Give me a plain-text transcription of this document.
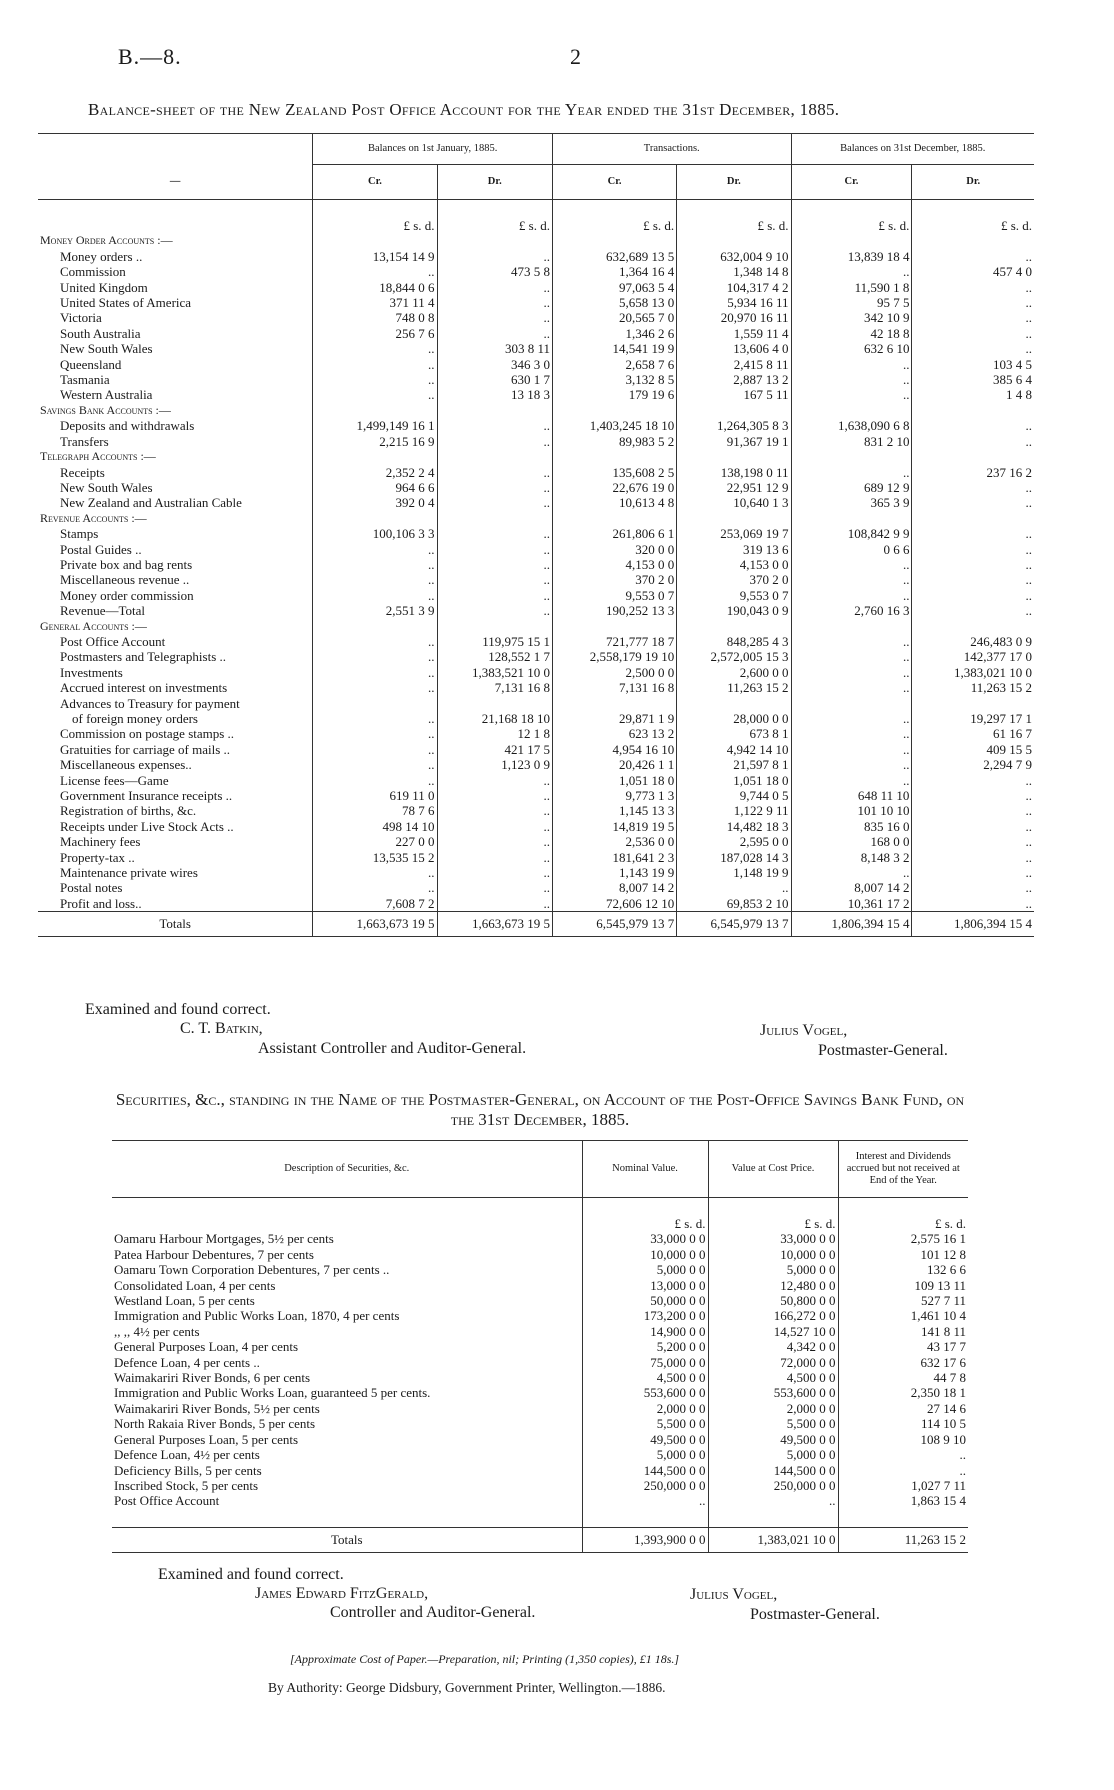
B.—8.	2
Balance-sheet of the New Zealand Post Office Account for the Year ended the 31st December, 1885.
	Balances on 1st January, 1885.		Transactions.		Balances on 31st December, 1885.	
—	Cr.	Dr.	Cr.	Dr.	Cr.	Dr.

	£ s. d.	£ s. d.	£ s. d.	£ s. d.	£ s. d.	£ s. d.
Money Order Accounts :—						
Money orders ..	13,154 14 9	..	632,689 13 5	632,004 9 10	13,839 18 4	..
Commission	..	473 5 8	1,364 16 4	1,348 14 8	..	457 4 0
United Kingdom	18,844 0 6	..	97,063 5 4	104,317 4 2	11,590 1 8	..
United States of America	371 11 4	..	5,658 13 0	5,934 16 11	95 7 5	..
Victoria	748 0 8	..	20,565 7 0	20,970 16 11	342 10 9	..
South Australia	256 7 6	..	1,346 2 6	1,559 11 4	42 18 8	..
New South Wales	..	303 8 11	14,541 19 9	13,606 4 0	632 6 10	..
Queensland	..	346 3 0	2,658 7 6	2,415 8 11	..	103 4 5
Tasmania	..	630 1 7	3,132 8 5	2,887 13 2	..	385 6 4
Western Australia	..	13 18 3	179 19 6	167 5 11	..	1 4 8
Savings Bank Accounts :—						
Deposits and withdrawals	1,499,149 16 1	..	1,403,245 18 10	1,264,305 8 3	1,638,090 6 8	..
Transfers	2,215 16 9	..	89,983 5 2	91,367 19 1	831 2 10	..
Telegraph Accounts :—						
Receipts	2,352 2 4	..	135,608 2 5	138,198 0 11	..	237 16 2
New South Wales	964 6 6	..	22,676 19 0	22,951 12 9	689 12 9	..
New Zealand and Australian Cable	392 0 4	..	10,613 4 8	10,640 1 3	365 3 9	..
Revenue Accounts :—						
Stamps	100,106 3 3	..	261,806 6 1	253,069 19 7	108,842 9 9	..
Postal Guides ..	..	..	320 0 0	319 13 6	0 6 6	..
Private box and bag rents	..	..	4,153 0 0	4,153 0 0	..	..
Miscellaneous revenue ..	..	..	370 2 0	370 2 0	..	..
Money order commission	..	..	9,553 0 7	9,553 0 7	..	..
Revenue—Total	2,551 3 9	..	190,252 13 3	190,043 0 9	2,760 16 3	..
General Accounts :—						
Post Office Account	..	119,975 15 1	721,777 18 7	848,285 4 3	..	246,483 0 9
Postmasters and Telegraphists ..	..	128,552 1 7	2,558,179 19 10	2,572,005 15 3	..	142,377 17 0
Investments	..	1,383,521 10 0	2,500 0 0	2,600 0 0	..	1,383,021 10 0
Accrued interest on investments	..	7,131 16 8	7,131 16 8	11,263 15 2	..	11,263 15 2
Advances to Treasury for payment						
of foreign money orders	..	21,168 18 10	29,871 1 9	28,000 0 0	..	19,297 17 1
Commission on postage stamps ..	..	12 1 8	623 13 2	673 8 1	..	61 16 7
Gratuities for carriage of mails ..	..	421 17 5	4,954 16 10	4,942 14 10	..	409 15 5
Miscellaneous expenses..	..	1,123 0 9	20,426 1 1	21,597 8 1	..	2,294 7 9
License fees—Game	..	..	1,051 18 0	1,051 18 0	..	..
Government Insurance receipts ..	619 11 0	..	9,773 1 3	9,744 0 5	648 11 10	..
Registration of births, &c.	78 7 6	..	1,145 13 3	1,122 9 11	101 10 10	..
Receipts under Live Stock Acts ..	498 14 10	..	14,819 19 5	14,482 18 3	835 16 0	..
Machinery fees	227 0 0	..	2,536 0 0	2,595 0 0	168 0 0	..
Property-tax ..	13,535 15 2	..	181,641 2 3	187,028 14 3	8,148 3 2	..
Maintenance private wires	..	..	1,143 19 9	1,148 19 9	..	..
Postal notes	..	..	8,007 14 2	..	8,007 14 2	..
Profit and loss..	7,608 7 2	..	72,606 12 10	69,853 2 10	10,361 17 2	..
Totals	1,663,673 19 5	1,663,673 19 5	6,545,979 13 7	6,545,979 13 7	1,806,394 15 4	1,806,394 15 4
Examined and found correct.
C. T. Batkin,
Assistant Controller and Auditor-General.
Julius Vogel,
Postmaster-General.
Securities, &c., standing in the Name of the Postmaster-General, on Account of the Post-Office Savings Bank Fund, on the 31st December, 1885.
Description of Securities, &c.	Nominal Value.	Value at Cost Price.	Interest and Dividends accrued but not received at End of the Year.

	£ s. d.	£ s. d.	£ s. d.
Oamaru Harbour Mortgages, 5½ per cents	33,000 0 0	33,000 0 0	2,575 16 1
Patea Harbour Debentures, 7 per cents	10,000 0 0	10,000 0 0	101 12 8
Oamaru Town Corporation Debentures, 7 per cents ..	5,000 0 0	5,000 0 0	132 6 6
Consolidated Loan, 4 per cents	13,000 0 0	12,480 0 0	109 13 11
Westland Loan, 5 per cents	50,000 0 0	50,800 0 0	527 7 11
Immigration and Public Works Loan, 1870, 4 per cents	173,200 0 0	166,272 0 0	1,461 10 4
,, ,, 4½ per cents	14,900 0 0	14,527 10 0	141 8 11
General Purposes Loan, 4 per cents	5,200 0 0	4,342 0 0	43 17 7
Defence Loan, 4 per cents ..	75,000 0 0	72,000 0 0	632 17 6
Waimakariri River Bonds, 6 per cents	4,500 0 0	4,500 0 0	44 7 8
Immigration and Public Works Loan, guaranteed 5 per cents.	553,600 0 0	553,600 0 0	2,350 18 1
Waimakariri River Bonds, 5½ per cents	2,000 0 0	2,000 0 0	27 14 6
North Rakaia River Bonds, 5 per cents	5,500 0 0	5,500 0 0	114 10 5
General Purposes Loan, 5 per cents	49,500 0 0	49,500 0 0	108 9 10
Defence Loan, 4½ per cents	5,000 0 0	5,000 0 0	..
Deficiency Bills, 5 per cents	144,500 0 0	144,500 0 0	..
Inscribed Stock, 5 per cents	250,000 0 0	250,000 0 0	1,027 7 11
Post Office Account	..	..	1,863 15 4

Totals	1,393,900 0 0	1,383,021 10 0	11,263 15 2
Examined and found correct.
James Edward FitzGerald,
Controller and Auditor-General.
Julius Vogel,
Postmaster-General.
[Approximate Cost of Paper.—Preparation, nil; Printing (1,350 copies), £1 18s.]
By Authority: George Didsbury, Government Printer, Wellington.—1886.
